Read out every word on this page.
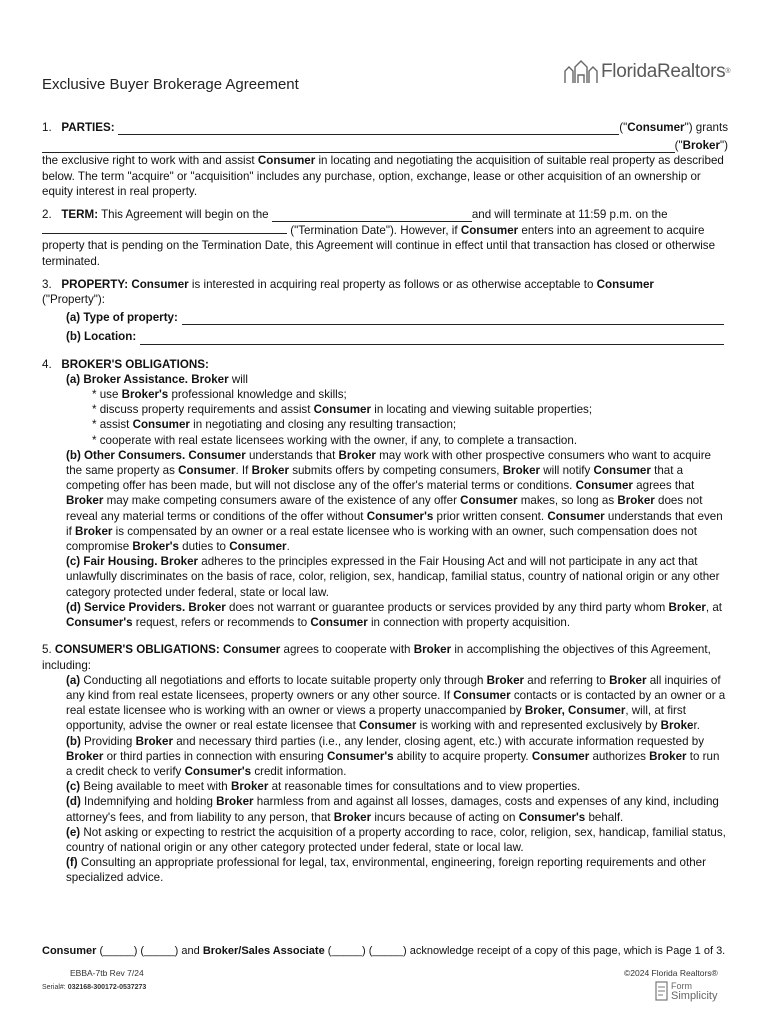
Exclusive Buyer Brokerage Agreement
FloridaRealtors ®

1.
PARTIES:
	(" Consumer ") grants

(" Broker ")

the exclusive right to work with and assist Consumer in locating and negotiating the acquisition of suitable real property as described below. The term "acquire" or "acquisition" includes any purchase, option, exchange, lease or other acquisition of an ownership or equity interest in real property.

2.
TERM: This Agreement will begin on the	and will terminate at 11:59 p.m. on the

("Termination Date"). However, if Consumer enters into an agreement to acquire property that is pending on the Termination Date, this Agreement will continue in effect until that transaction has closed or otherwise terminated.

3. PROPERTY: Consumer is interested in acquiring real property as follows or as otherwise acceptable to Consumer

("Property"):

(a) Type of property:
(b) Location:

4. BROKER'S OBLIGATIONS:

(a) Broker Assistance. Broker will

* use Broker's professional knowledge and skills;

* discuss property requirements and assist Consumer in locating and viewing suitable properties;

* assist Consumer in negotiating and closing any resulting transaction;

* cooperate with real estate licensees working with the owner, if any, to complete a transaction.

(b) Other Consumers. Consumer understands that Broker may work with other prospective consumers who want to acquire the same property as Consumer. If Broker submits offers by competing consumers, Broker will notify Consumer that a competing offer has been made, but will not disclose any of the offer's material terms or conditions. Consumer agrees that Broker may make competing consumers aware of the existence of any offer Consumer makes, so long as Broker does not reveal any material terms or conditions of the offer without Consumer's prior written consent. Consumer understands that even if Broker is compensated by an owner or a real estate licensee who is working with an owner, such compensation does not compromise Broker's duties to Consumer.

(c) Fair Housing. Broker adheres to the principles expressed in the Fair Housing Act and will not participate in any act that unlawfully discriminates on the basis of race, color, religion, sex, handicap, familial status, country of national origin or any other category protected under federal, state or local law.

(d) Service Providers. Broker does not warrant or guarantee products or services provided by any third party whom Broker, at Consumer's request, refers or recommends to Consumer in connection with property acquisition.

5. CONSUMER'S OBLIGATIONS: Consumer agrees to cooperate with Broker in accomplishing the objectives of this Agreement, including:

(a) Conducting all negotiations and efforts to locate suitable property only through Broker and referring to Broker all inquiries of any kind from real estate licensees, property owners or any other source. If Consumer contacts or is contacted by an owner or a real estate licensee who is working with an owner or views a property unaccompanied by Broker, Consumer, will, at first opportunity, advise the owner or real estate licensee that Consumer is working with and represented exclusively by Broker.

(b) Providing Broker and necessary third parties (i.e., any lender, closing agent, etc.) with accurate information requested by Broker or third parties in connection with ensuring Consumer's ability to acquire property. Consumer authorizes Broker to run a credit check to verify Consumer's credit information.

(c) Being available to meet with Broker at reasonable times for consultations and to view properties.

(d) Indemnifying and holding Broker harmless from and against all losses, damages, costs and expenses of any kind, including attorney's fees, and from liability to any person, that Broker incurs because of acting on Consumer's behalf.

(e) Not asking or expecting to restrict the acquisition of a property according to race, color, religion, sex, handicap, familial status, country of national origin or any other category protected under federal, state or local law.

(f) Consulting an appropriate professional for legal, tax, environmental, engineering, foreign reporting requirements and other specialized advice.

Consumer (_____) (_____) and Broker/Sales Associate (_____) (_____) acknowledge receipt of a copy of this page, which is Page 1 of 3.
EBBA-7tb Rev 7/24
Serial#: 032168-300172-0537273
©2024 Florida Realtors®
Form
Simplicity
